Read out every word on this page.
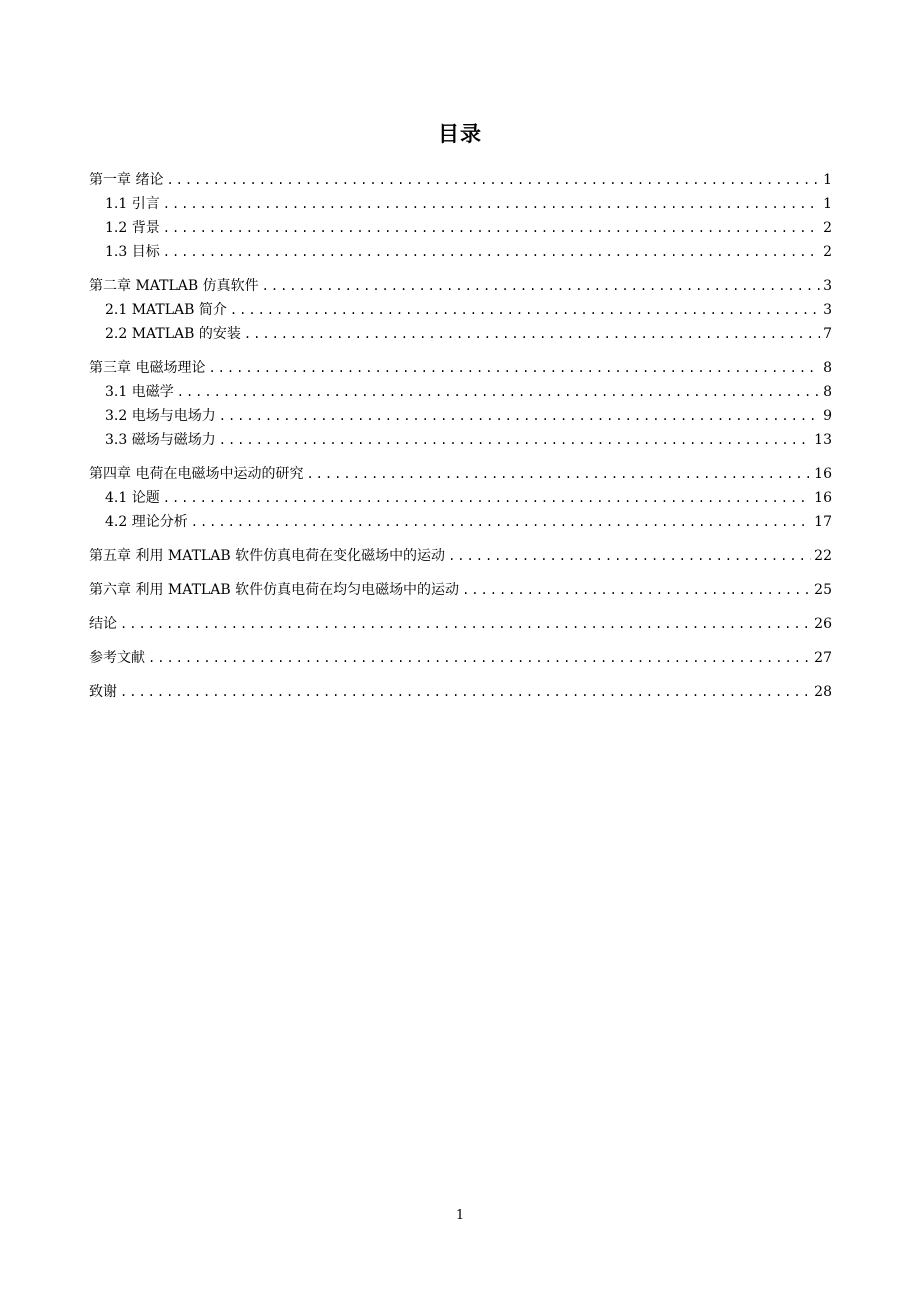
目录
第一章 绪论 .....	1
1.1 引言 .....	1
1.2 背景 .....	2
1.3 目标 .....	2
第二章 MATLAB 仿真软件 .....	3
2.1 MATLAB 简介 .....	3
2.2 MATLAB 的安装 .....	7
第三章 电磁场理论 .....	8
3.1 电磁学 .....	8
3.2 电场与电场力 .....	9
3.3 磁场与磁场力 .....	13
第四章 电荷在电磁场中运动的研究 .....	16
4.1 论题 .....	16
4.2 理论分析 .....	17
第五章 利用 MATLAB 软件仿真电荷在变化磁场中的运动 .....	22
第六章 利用 MATLAB 软件仿真电荷在均匀电磁场中的运动 .....	25
结论 .....	26
参考文献 .....	27
致谢 .....	28
1
